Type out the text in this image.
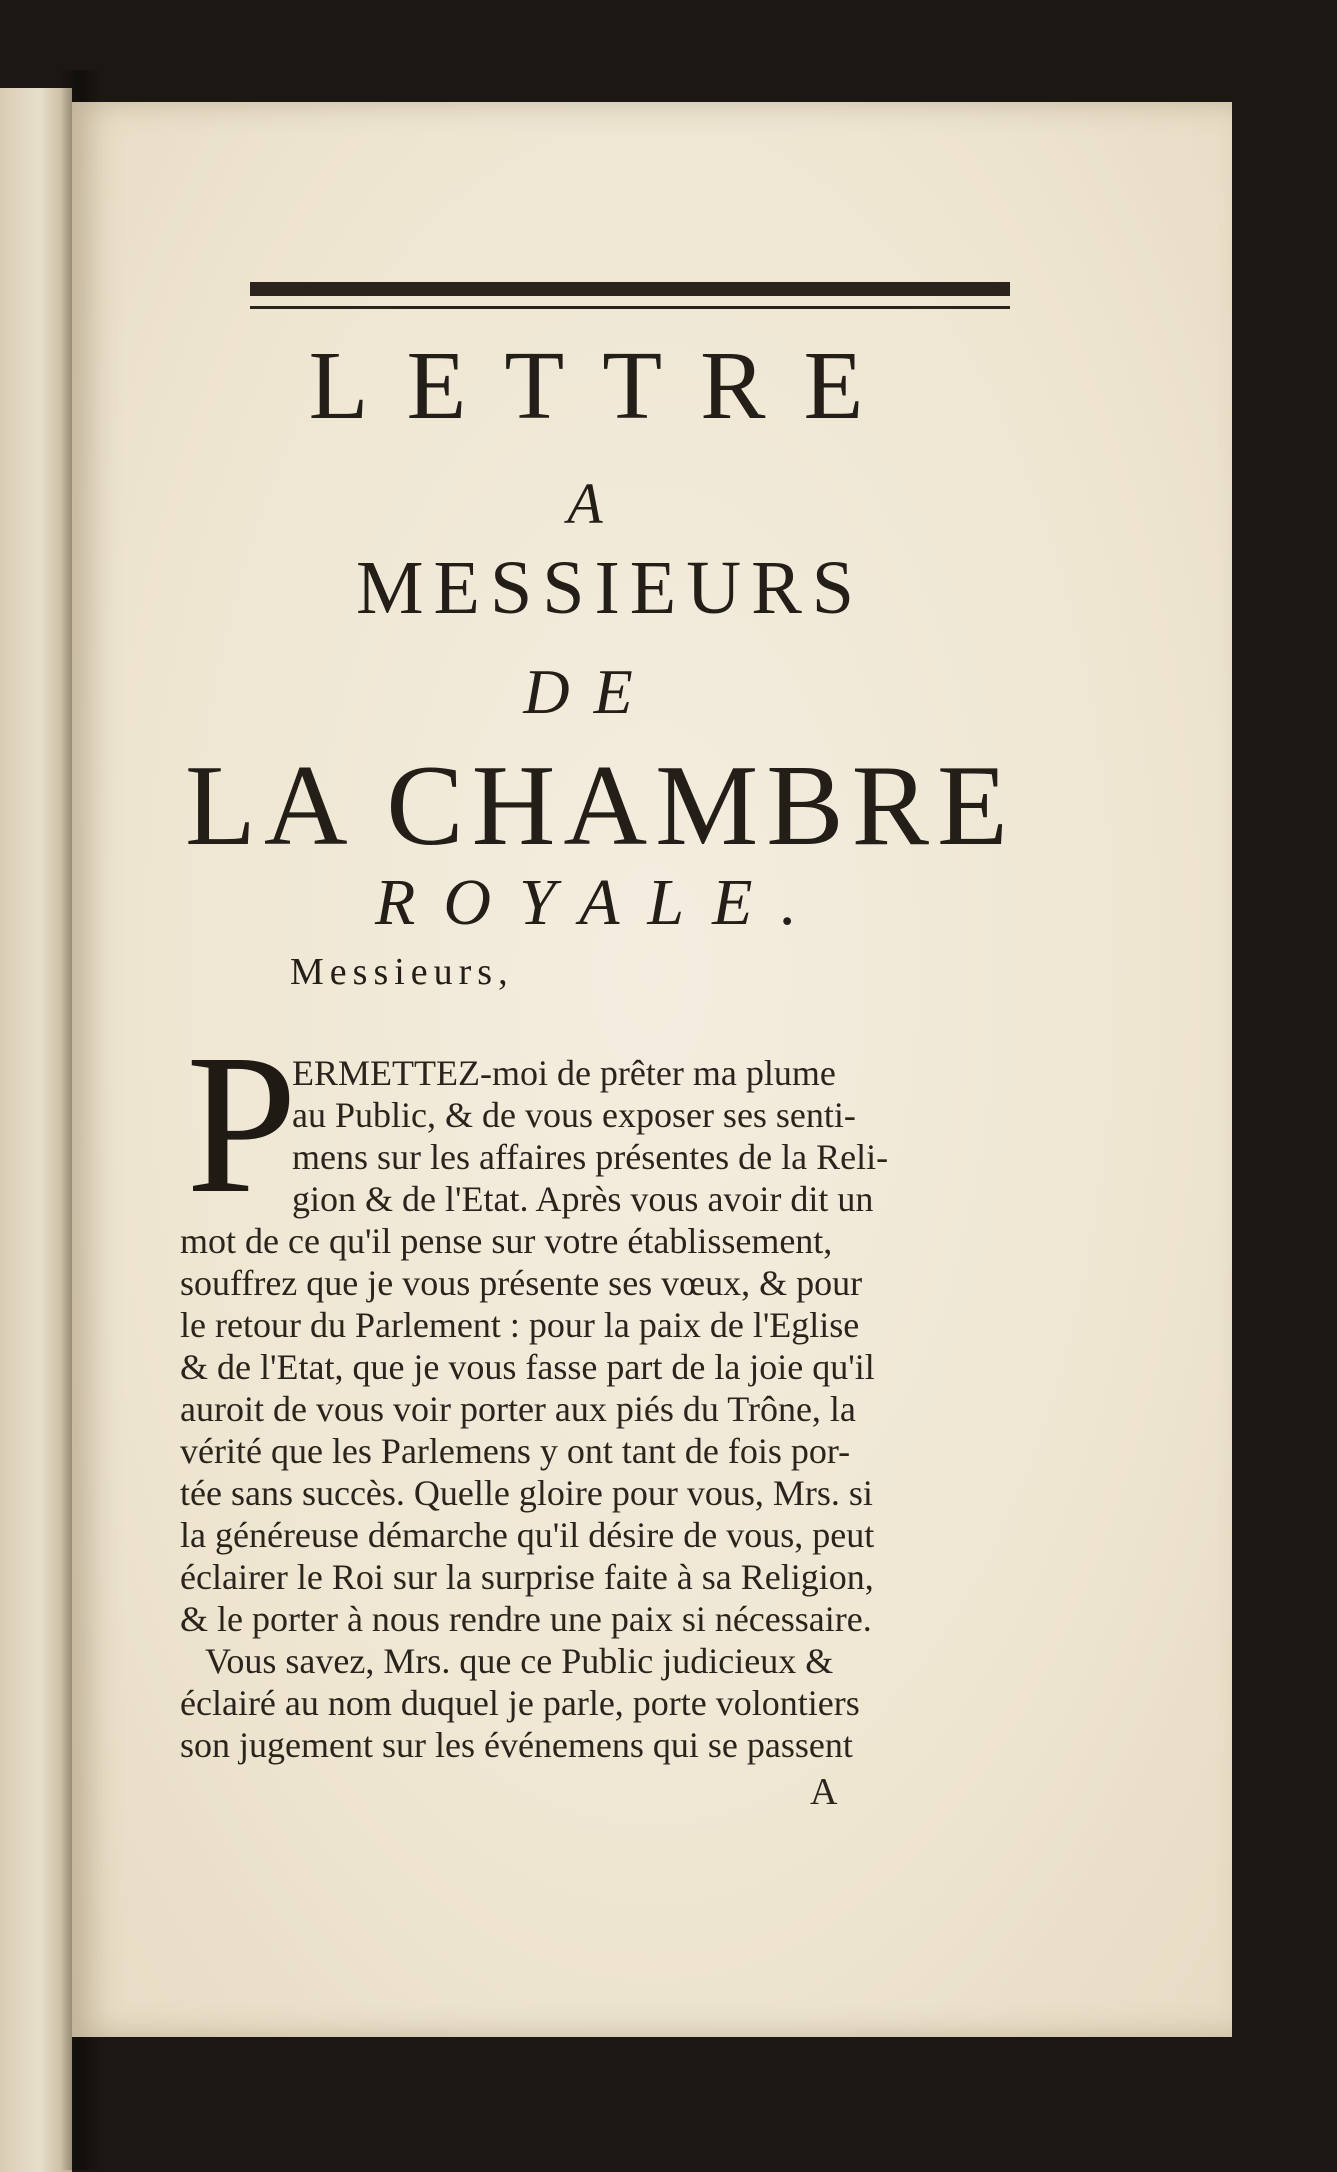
LETTRE
A
MESSIEURS
DE
LA CHAMBRE
ROYALE.
Messieurs,
P
ERMETTEZ-moi de prêter ma plume
au Public, & de vous exposer ses senti-
mens sur les affaires présentes de la Reli-
gion & de l'Etat. Après vous avoir dit un
mot de ce qu'il pense sur votre établissement,
souffrez que je vous présente ses vœux, & pour
le retour du Parlement : pour la paix de l'Eglise
& de l'Etat, que je vous fasse part de la joie qu'il
auroit de vous voir porter aux piés du Trône, la
vérité que les Parlemens y ont tant de fois por-
tée sans succès. Quelle gloire pour vous, Mrs. si
la généreuse démarche qu'il désire de vous, peut
éclairer le Roi sur la surprise faite à sa Religion,
& le porter à nous rendre une paix si nécessaire.
Vous savez, Mrs. que ce Public judicieux &
éclairé au nom duquel je parle, porte volontiers
son jugement sur les événemens qui se passent
A
